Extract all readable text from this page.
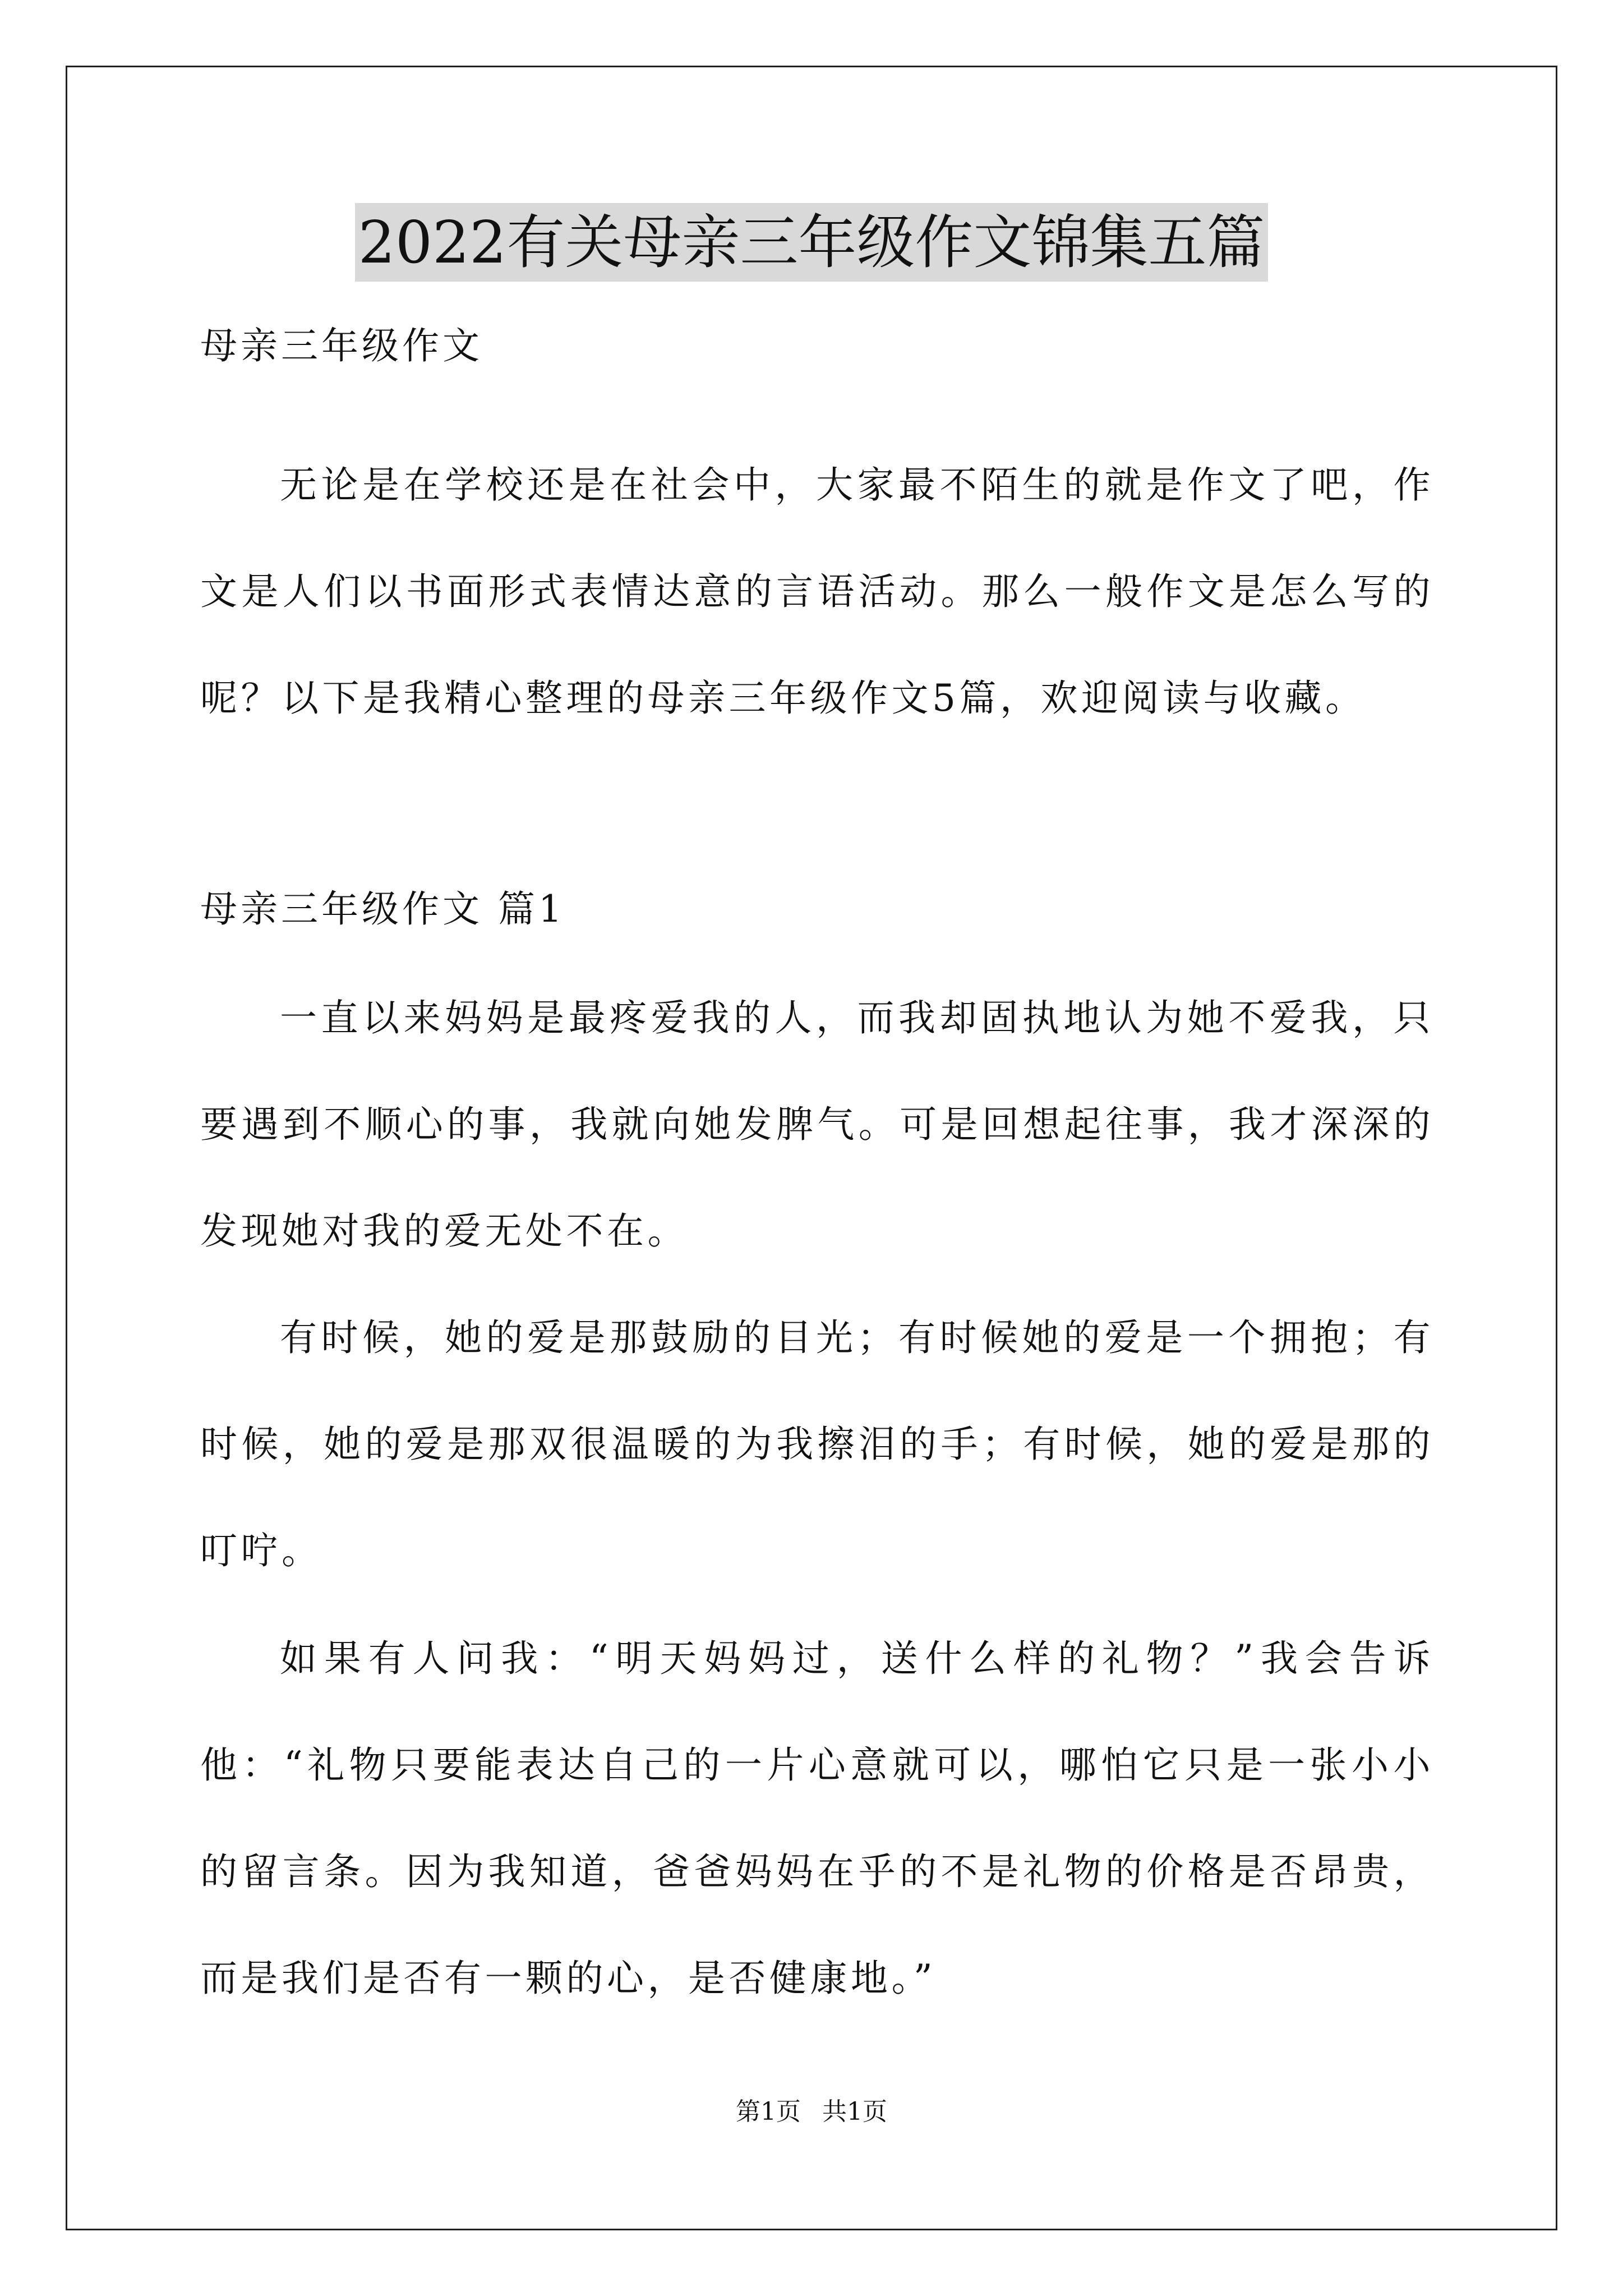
2022有关母亲三年级作文锦集五篇
母亲三年级作文
无论是在学校还是在社会中，大家最不陌生的就是作文了吧，作文是人们以书面形式表情达意的言语活动。那么一般作文是怎么写的呢？以下是我精心整理的母亲三年级作文5篇，欢迎阅读与收藏。
母亲三年级作文 篇1
一直以来妈妈是最疼爱我的人，而我却固执地认为她不爱我，只要遇到不顺心的事，我就向她发脾气。可是回想起往事，我才深深的发现她对我的爱无处不在。
有时候，她的爱是那鼓励的目光；有时候她的爱是一个拥抱；有时候，她的爱是那双很温暖的为我擦泪的手；有时候，她的爱是那的叮咛。
如果有人问我：“明天妈妈过，送什么样的礼物？”我会告诉他：“礼物只要能表达自己的一片心意就可以，哪怕它只是一张小小的留言条。因为我知道，爸爸妈妈在乎的不是礼物的价格是否昂贵，而是我们是否有一颗的心，是否健康地。”
第1页 共1页
